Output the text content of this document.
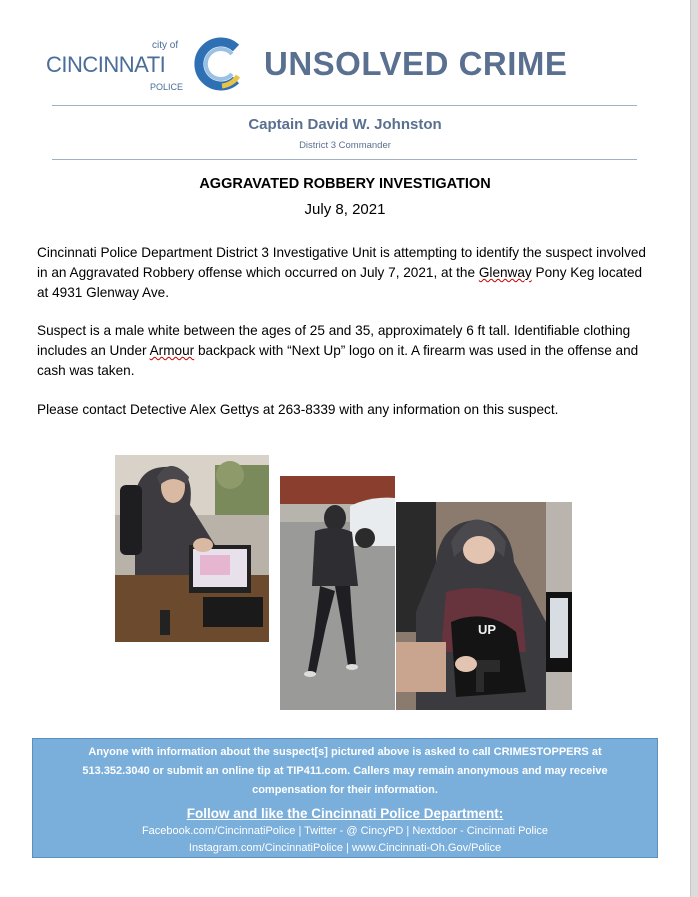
city of
CINCINNATI
POLICE
UNSOLVED CRIME
Captain David W. Johnston
District 3 Commander
AGGRAVATED ROBBERY INVESTIGATION
July 8, 2021
Cincinnati Police Department District 3 Investigative Unit is attempting to identify the suspect involved in an Aggravated Robbery offense which occurred on July 7, 2021, at the Glenway Pony Keg located at 4931 Glenway Ave.
Suspect is a male white between the ages of 25 and 35, approximately 6 ft tall. Identifiable clothing includes an Under Armour backpack with “Next Up” logo on it. A firearm was used in the offense and cash was taken.
Please contact Detective Alex Gettys at 263-8339 with any information on this suspect.
UP
Anyone with information about the suspect[s] pictured above is asked to call CRIMESTOPPERS at 513.352.3040 or submit an online tip at TIP411.com. Callers may remain anonymous and may receive compensation for their information.
Follow and like the Cincinnati Police Department:
Facebook.com/CincinnatiPolice | Twitter - @ CincyPD | Nextdoor - Cincinnati Police
Instagram.com/CincinnatiPolice | www.Cincinnati-Oh.Gov/Police
